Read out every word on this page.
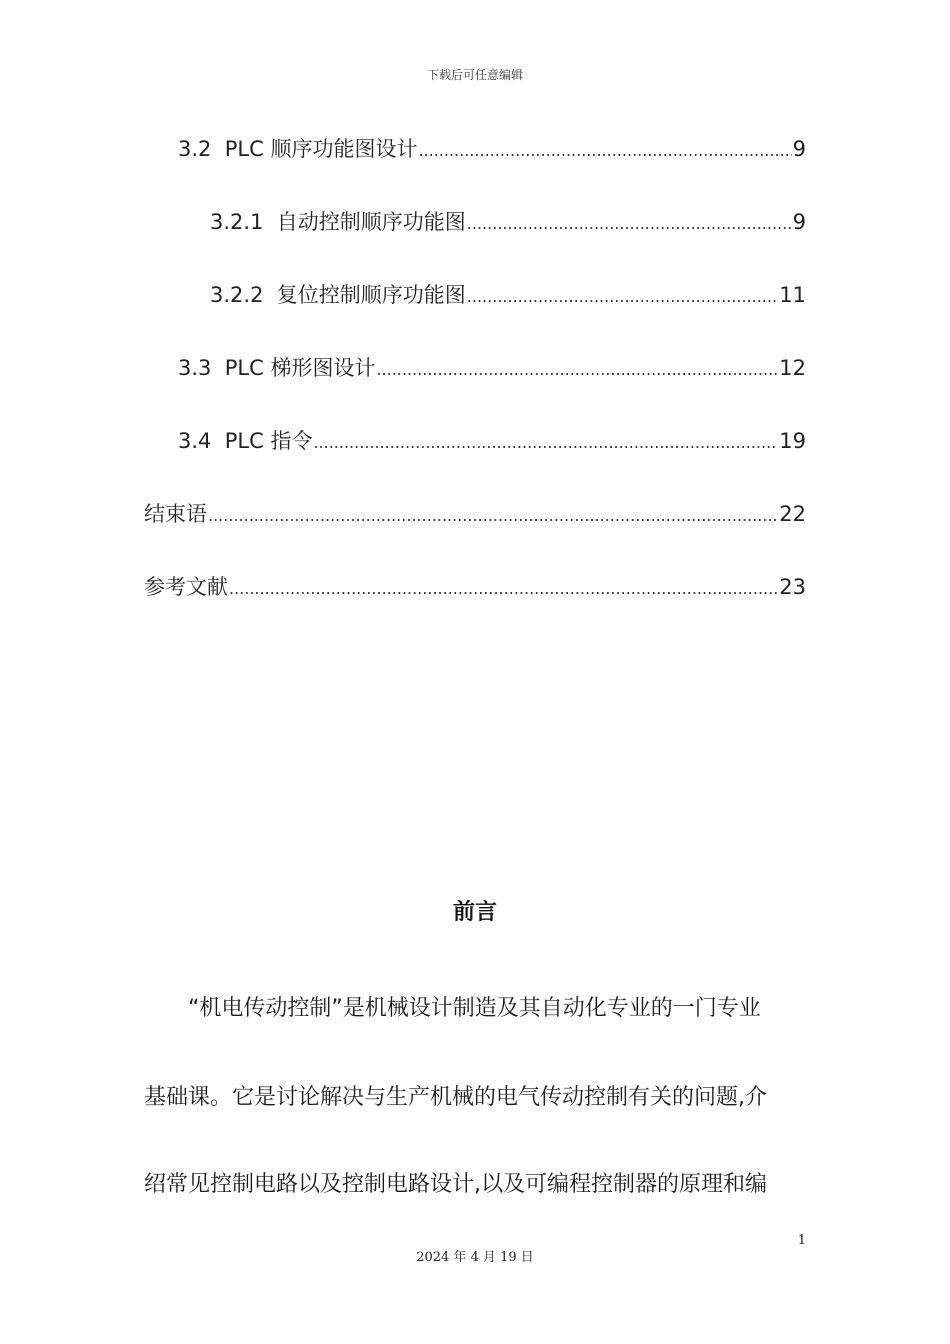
下载后可任意编辑
3.2 PLC 顺序功能图设计 .....	9
3.2.1 自动控制顺序功能图 .....	9
3.2.2 复位控制顺序功能图 .....	11
3.3 PLC 梯形图设计 .....	12
3.4 PLC 指令 .....	19
结束语 .....	22
参考文献 .....	23
前言
“机电传动控制”是机械设计制造及其自动化专业的一门专业
基础课。它是讨论解决与生产机械的电气传动控制有关的问题,介
绍常见控制电路以及控制电路设计,以及可编程控制器的原理和编
1
2024 年 4 月 19 日
